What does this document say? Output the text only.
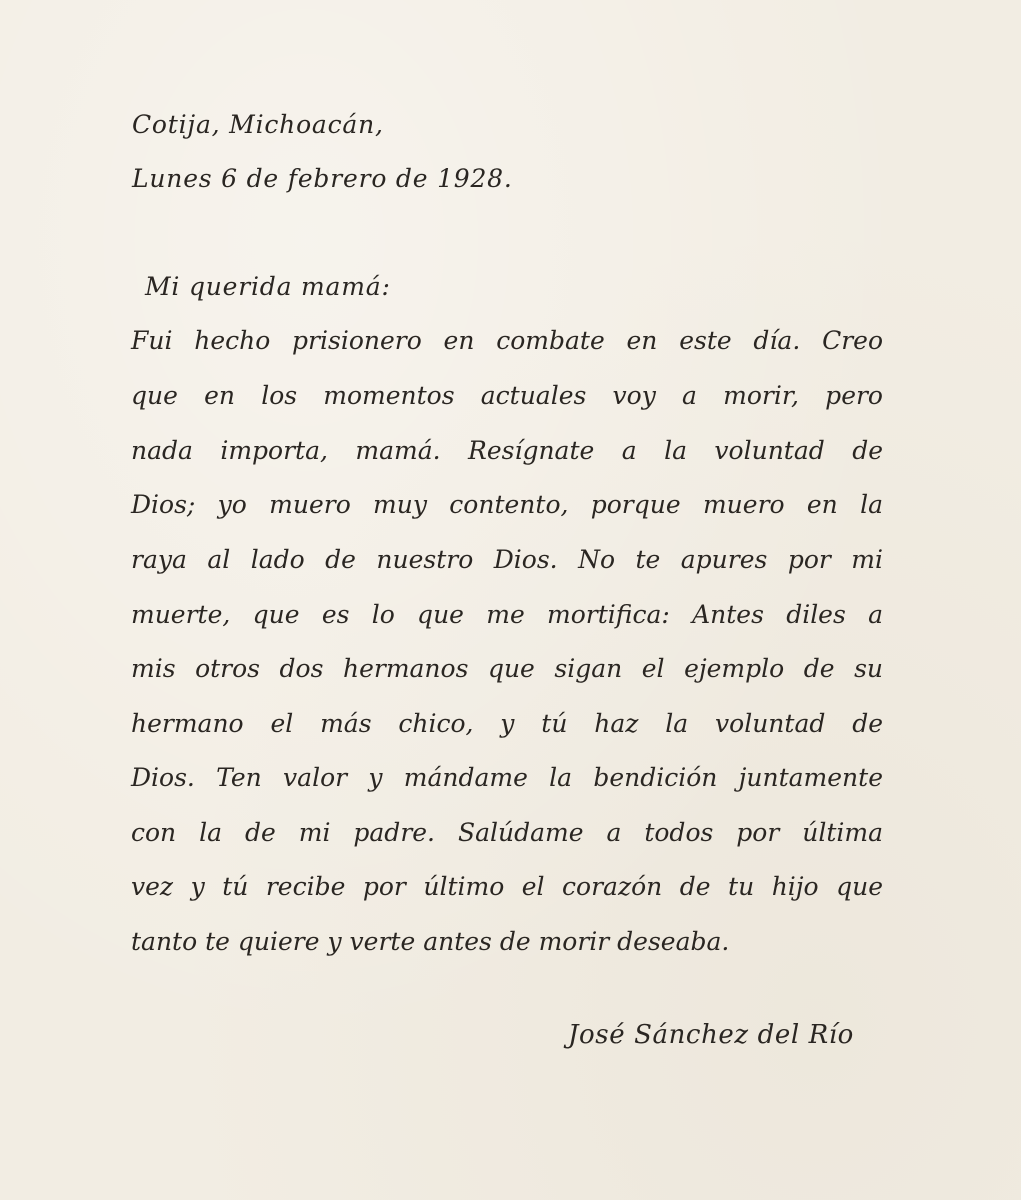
Cotija, Michoacán,
Lunes 6 de febrero de 1928.
Mi querida mamá:
Fui hecho prisionero en combate en este día. Creo
que en los momentos actuales voy a morir, pero
nada importa, mamá. Resígnate a la voluntad de
Dios; yo muero muy contento, porque muero en la
raya al lado de nuestro Dios. No te apures por mi
muerte, que es lo que me mortifica: Antes diles a
mis otros dos hermanos que sigan el ejemplo de su
hermano el más chico, y tú haz la voluntad de
Dios. Ten valor y mándame la bendición juntamente
con la de mi padre. Salúdame a todos por última
vez y tú recibe por último el corazón de tu hijo que
tanto te quiere y verte antes de morir deseaba.
José Sánchez del Río
